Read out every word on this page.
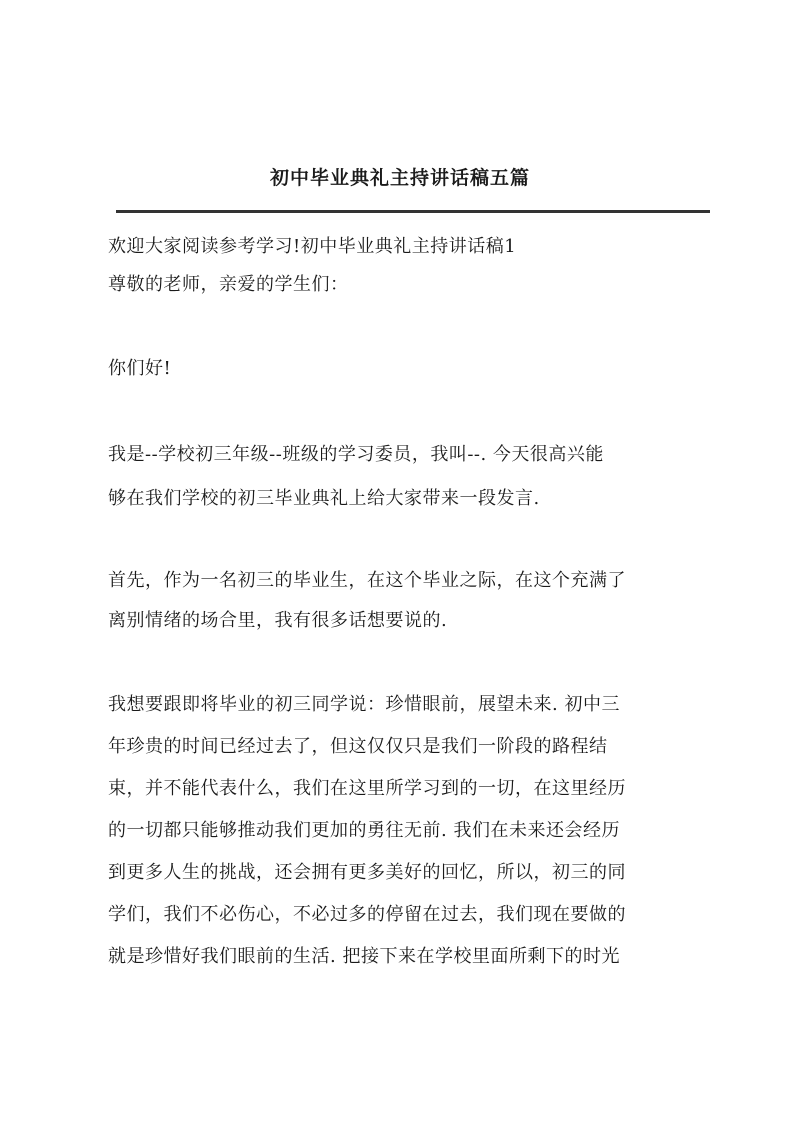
初中毕业典礼主持讲话稿五篇
欢迎大家阅读参考学习!初中毕业典礼主持讲话稿1
尊敬的老师，亲爱的学生们：
你们好!
我是--学校初三年级--班级的学习委员，我叫--. 今天很高兴能
够在我们学校的初三毕业典礼上给大家带来一段发言.
首先，作为一名初三的毕业生，在这个毕业之际，在这个充满了
离别情绪的场合里，我有很多话想要说的.
我想要跟即将毕业的初三同学说：珍惜眼前，展望未来. 初中三
年珍贵的时间已经过去了，但这仅仅只是我们一阶段的路程结
束，并不能代表什么，我们在这里所学习到的一切，在这里经历
的一切都只能够推动我们更加的勇往无前. 我们在未来还会经历
到更多人生的挑战，还会拥有更多美好的回忆，所以，初三的同
学们，我们不必伤心，不必过多的停留在过去，我们现在要做的
就是珍惜好我们眼前的生活. 把接下来在学校里面所剩下的时光
